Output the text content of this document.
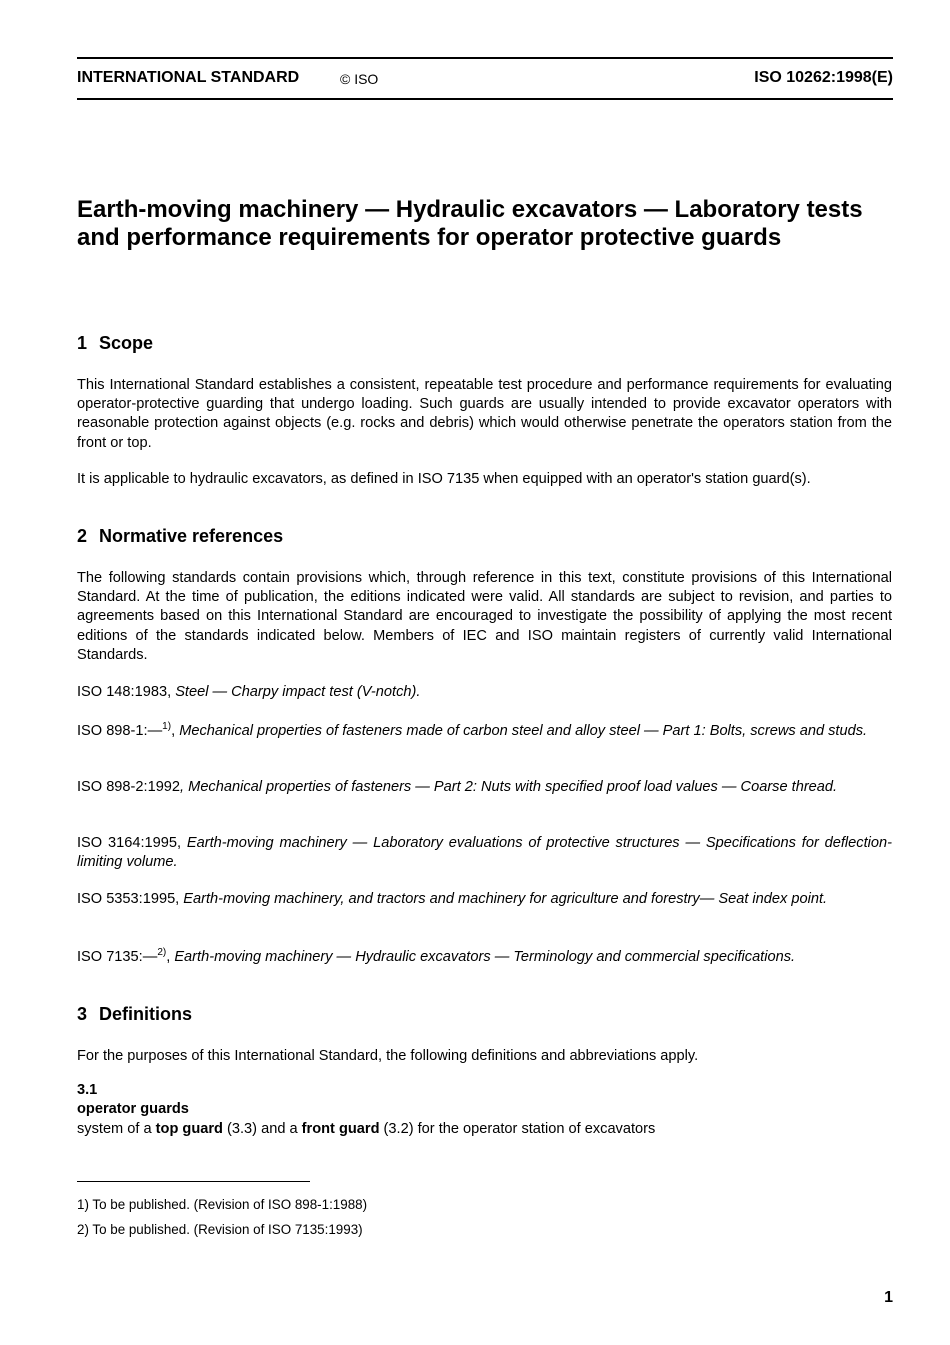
INTERNATIONAL STANDARD	© ISO	ISO 10262:1998(E)
Earth-moving machinery — Hydraulic excavators — Laboratory tests and performance requirements for operator protective guards
1 Scope

This International Standard establishes a consistent, repeatable test procedure and performance requirements for evaluating operator-protective guarding that undergo loading. Such guards are usually intended to provide excavator operators with reasonable protection against objects (e.g. rocks and debris) which would otherwise penetrate the operators station from the front or top.

It is applicable to hydraulic excavators, as defined in ISO 7135 when equipped with an operator's station guard(s).

2 Normative references

The following standards contain provisions which, through reference in this text, constitute provisions of this International Standard. At the time of publication, the editions indicated were valid. All standards are subject to revision, and parties to agreements based on this International Standard are encouraged to investigate the possibility of applying the most recent editions of the standards indicated below. Members of IEC and ISO maintain registers of currently valid International Standards.

ISO 148:1983, Steel — Charpy impact test (V-notch).

ISO 898-1:—$^{1)}$, Mechanical properties of fasteners made of carbon steel and alloy steel — Part 1: Bolts, screws and studs.

ISO 898-2:1992, Mechanical properties of fasteners — Part 2: Nuts with specified proof load values — Coarse thread.

ISO 3164:1995, Earth-moving machinery — Laboratory evaluations of protective structures — Specifications for deflection-limiting volume.

ISO 5353:1995, Earth-moving machinery, and tractors and machinery for agriculture and forestry— Seat index point.

ISO 7135:—$^{2)}$, Earth-moving machinery — Hydraulic excavators — Terminology and commercial specifications.

3 Definitions

For the purposes of this International Standard, the following definitions and abbreviations apply.

3.1
operator guards
system of a top guard (3.3) and a front guard (3.2) for the operator station of excavators
1) To be published. (Revision of ISO 898-1:1988)
2) To be published. (Revision of ISO 7135:1993)
1
